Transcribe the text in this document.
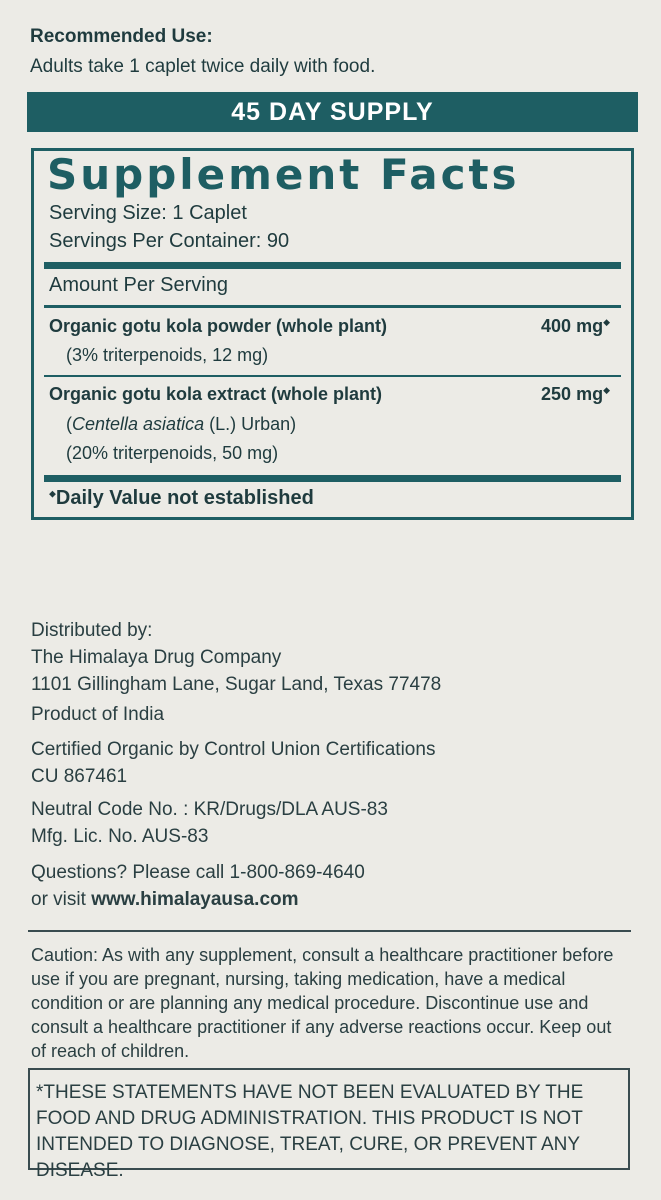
Recommended Use:
Adults take 1 caplet twice daily with food.
45 DAY SUPPLY
Supplement Facts
Serving Size: 1 Caplet
Servings Per Container: 90
Amount Per Serving
Organic gotu kola powder (whole plant)	400 mg◆
(3% triterpenoids, 12 mg)
Organic gotu kola extract (whole plant)	250 mg◆
(Centella asiatica (L.) Urban)
(20% triterpenoids, 50 mg)
◆Daily Value not established
Distributed by:
The Himalaya Drug Company
1101 Gillingham Lane, Sugar Land, Texas 77478
Product of India
Certified Organic by Control Union Certifications
CU 867461
Neutral Code No. : KR/Drugs/DLA AUS-83
Mfg. Lic. No. AUS-83
Questions? Please call 1-800-869-4640
or visit www.himalayausa.com
Caution: As with any supplement, consult a healthcare practitioner before use if you are pregnant, nursing, taking medication, have a medical condition or are planning any medical procedure. Discontinue use and consult a healthcare practitioner if any adverse reactions occur. Keep out of reach of children.
*THESE STATEMENTS HAVE NOT BEEN EVALUATED BY THE FOOD AND DRUG ADMINISTRATION. THIS PRODUCT IS NOT INTENDED TO DIAGNOSE, TREAT, CURE, OR PREVENT ANY DISEASE.
